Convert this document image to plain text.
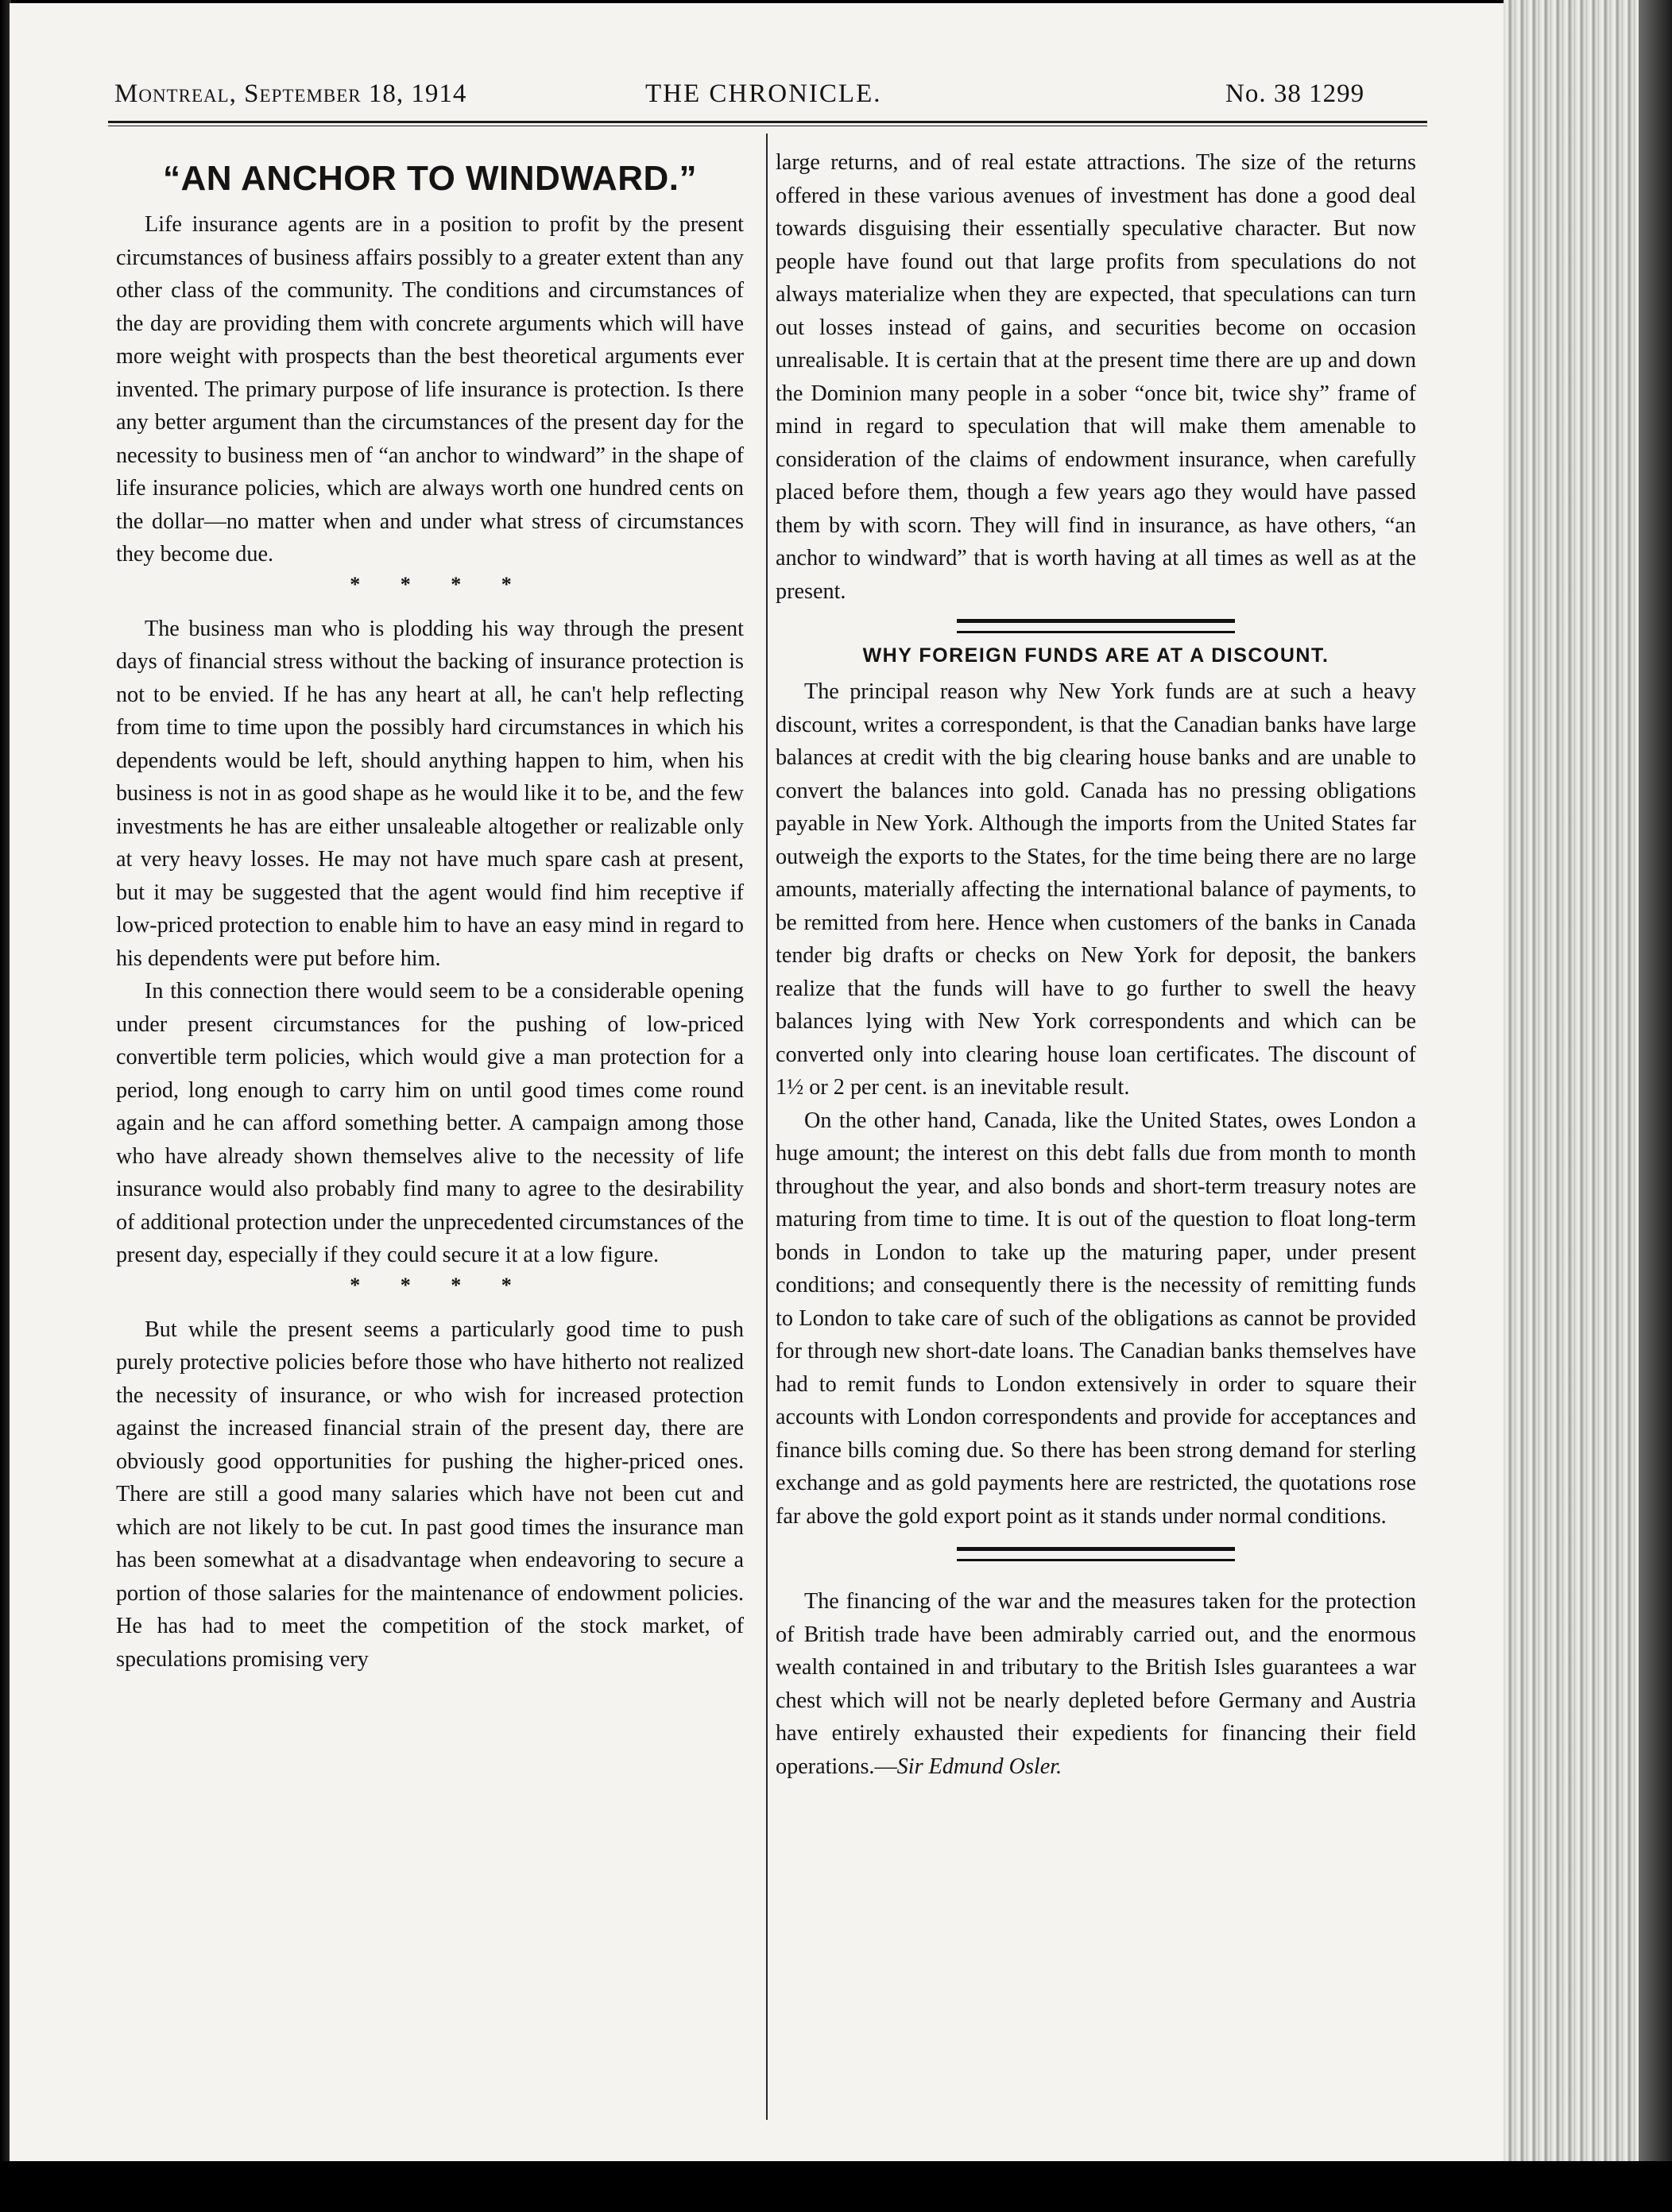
Montreal, September 18, 1914	THE CHRONICLE.	No. 38 1299
“AN ANCHOR TO WINDWARD.”

Life insurance agents are in a position to profit by the present circumstances of business affairs possibly to a greater extent than any other class of the community. The conditions and circumstances of the day are providing them with concrete arguments which will have more weight with prospects than the best theoretical arguments ever invented. The primary purpose of life insurance is protection. Is there any better argument than the circumstances of the present day for the necessity to business men of “an anchor to windward” in the shape of life insurance policies, which are always worth one hundred cents on the dollar—no matter when and under what stress of circumstances they become due.

* * * *

The business man who is plodding his way through the present days of financial stress without the backing of insurance protection is not to be envied. If he has any heart at all, he can't help reflecting from time to time upon the possibly hard circumstances in which his dependents would be left, should anything happen to him, when his business is not in as good shape as he would like it to be, and the few investments he has are either unsaleable altogether or realizable only at very heavy losses. He may not have much spare cash at present, but it may be suggested that the agent would find him receptive if low-priced protection to enable him to have an easy mind in regard to his dependents were put before him.

In this connection there would seem to be a considerable opening under present circumstances for the pushing of low-priced convertible term policies, which would give a man protection for a period, long enough to carry him on until good times come round again and he can afford something better. A campaign among those who have already shown themselves alive to the necessity of life insurance would also probably find many to agree to the desirability of additional protection under the unprecedented circumstances of the present day, especially if they could secure it at a low figure.

* * * *

But while the present seems a particularly good time to push purely protective policies before those who have hitherto not realized the necessity of insurance, or who wish for increased protection against the increased financial strain of the present day, there are obviously good opportunities for pushing the higher-priced ones. There are still a good many salaries which have not been cut and which are not likely to be cut. In past good times the insurance man has been somewhat at a disadvantage when endeavoring to secure a portion of those salaries for the maintenance of endowment policies. He has had to meet the competition of the stock market, of speculations promising very

large returns, and of real estate attractions. The size of the returns offered in these various avenues of investment has done a good deal towards disguising their essentially speculative character. But now people have found out that large profits from speculations do not always materialize when they are expected, that speculations can turn out losses instead of gains, and securities become on occasion unrealisable. It is certain that at the present time there are up and down the Dominion many people in a sober “once bit, twice shy” frame of mind in regard to speculation that will make them amenable to consideration of the claims of endowment insurance, when carefully placed before them, though a few years ago they would have passed them by with scorn. They will find in insurance, as have others, “an anchor to windward” that is worth having at all times as well as at the present.

WHY FOREIGN FUNDS ARE AT A DISCOUNT.

The principal reason why New York funds are at such a heavy discount, writes a correspondent, is that the Canadian banks have large balances at credit with the big clearing house banks and are unable to convert the balances into gold. Canada has no pressing obligations payable in New York. Although the imports from the United States far outweigh the exports to the States, for the time being there are no large amounts, materially affecting the international balance of payments, to be remitted from here. Hence when customers of the banks in Canada tender big drafts or checks on New York for deposit, the bankers realize that the funds will have to go further to swell the heavy balances lying with New York correspondents and which can be converted only into clearing house loan certificates. The discount of 1½ or 2 per cent. is an inevitable result.

On the other hand, Canada, like the United States, owes London a huge amount; the interest on this debt falls due from month to month throughout the year, and also bonds and short-term treasury notes are maturing from time to time. It is out of the question to float long-term bonds in London to take up the maturing paper, under present conditions; and consequently there is the necessity of remitting funds to London to take care of such of the obligations as cannot be provided for through new short-date loans. The Canadian banks themselves have had to remit funds to London extensively in order to square their accounts with London correspondents and provide for acceptances and finance bills coming due. So there has been strong demand for sterling exchange and as gold payments here are restricted, the quotations rose far above the gold export point as it stands under normal conditions.

The financing of the war and the measures taken for the protection of British trade have been admirably carried out, and the enormous wealth contained in and tributary to the British Isles guarantees a war chest which will not be nearly depleted before Germany and Austria have entirely exhausted their expedients for financing their field operations.—Sir Edmund Osler.
